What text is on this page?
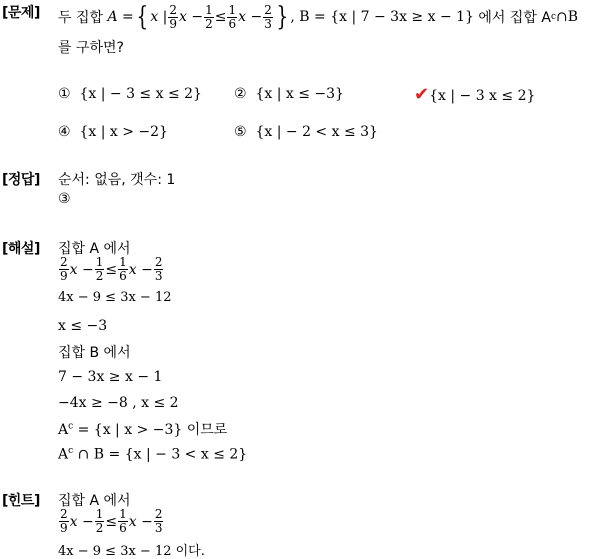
[문제]
[정답]
[해설]
[힌트]
두 집합
A = { x | $\frac{2}{9}$ $x - \frac{1}{2} \le \frac{1}{6}$ $x - \frac{2}{3}$ } , B = {x | 7 − 3x ≥ x − 1}
에서 집합 A c ∩B
를 구하면?
① {x | − 3 ≤ x ≤ 2} ② {x | x ≤ −3}	✔{x | − 3 x ≤ 2}
④ {x | x > −2}	⑤ {x | − 2 < x ≤ 3}
순서: 없음, 갯수: 1
③
집합 A 에서
$\frac{2}{9}$ $x - \frac{1}{2} \le \frac{1}{6}$ $x - \frac{2}{3}$
4x − 9 ≤ 3x − 12
x ≤ −3
집합 B 에서
7 − 3x ≥ x − 1
−4x ≥ −8 , x ≤ 2
$A^c = \{x$ | x > −3} 이므로
$A^c$ ∩ B = {x | − 3 < x ≤ 2}
집합 A 에서
$\frac{2}{9}$ $x - \frac{1}{2} \le \frac{1}{6}$ $x - \frac{2}{3}$
4x − 9 ≤ 3x − 12 이다.
